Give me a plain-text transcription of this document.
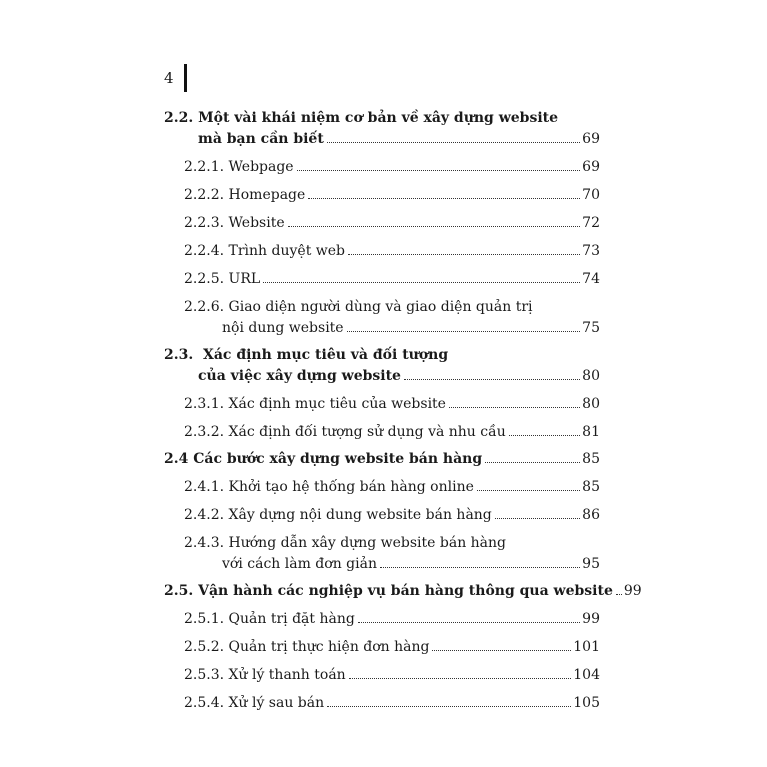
4
2.2. Một vài khái niệm cơ bản về xây dựng website
mà bạn cần biết	69
2.2.1. Webpage	69
2.2.2. Homepage	70
2.2.3. Website	72
2.2.4. Trình duyệt web	73
2.2.5. URL	74
2.2.6. Giao diện người dùng và giao diện quản trị
nội dung website	75
2.3.  Xác định mục tiêu và đối tượng
của việc xây dựng website	80
2.3.1. Xác định mục tiêu của website	80
2.3.2. Xác định đối tượng sử dụng và nhu cầu	81
2.4 Các bước xây dựng website bán hàng	85
2.4.1. Khởi tạo hệ thống bán hàng online	85
2.4.2. Xây dựng nội dung website bán hàng	86
2.4.3. Hướng dẫn xây dựng website bán hàng
với cách làm đơn giản	95
2.5. Vận hành các nghiệp vụ bán hàng thông qua website 99
2.5.1. Quản trị đặt hàng	99
2.5.2. Quản trị thực hiện đơn hàng	101
2.5.3. Xử lý thanh toán	104
2.5.4. Xử lý sau bán	105
